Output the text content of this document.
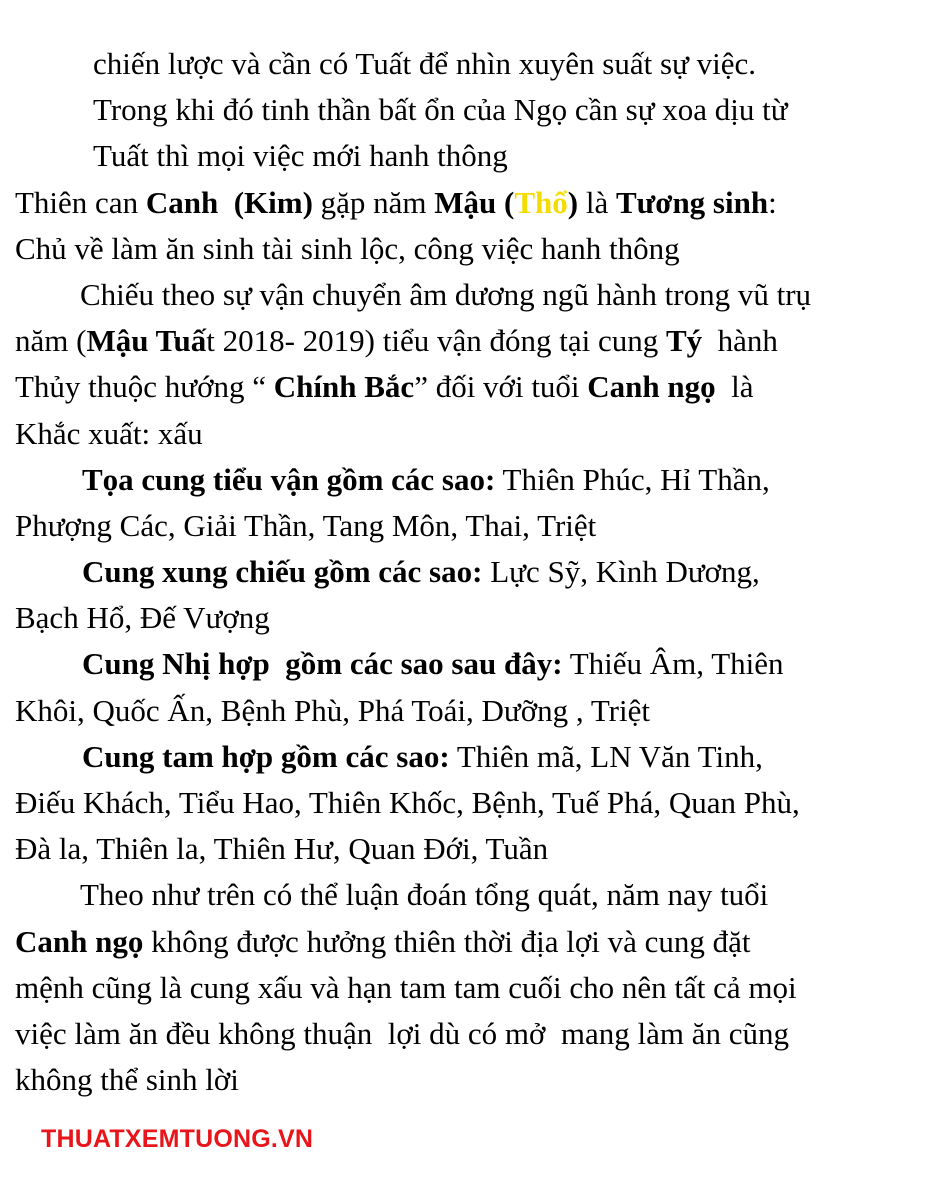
chiến lược và cần có Tuất để nhìn xuyên suất sự việc.
Trong khi đó tinh thần bất ổn của Ngọ cần sự xoa dịu từ
Tuất thì mọi việc mới hanh thông
Thiên can Canh (Kim) gặp năm Mậu (Thổ) là Tương sinh:
Chủ về làm ăn sinh tài sinh lộc, công việc hanh thông
Chiếu theo sự vận chuyển âm dương ngũ hành trong vũ trụ
năm (Mậu Tuất 2018- 2019) tiểu vận đóng tại cung Tý  hành
Thủy thuộc hướng “ Chính Bắc” đối với tuổi Canh ngọ  là
Khắc xuất: xấu
Tọa cung tiểu vận gồm các sao: Thiên Phúc, Hỉ Thần,
Phượng Các, Giải Thần, Tang Môn, Thai, Triệt
Cung xung chiếu gồm các sao: Lực Sỹ, Kình Dương,
Bạch Hổ, Đế Vượng
Cung Nhị hợp  gồm các sao sau đây: Thiếu Âm, Thiên
Khôi, Quốc Ấn, Bệnh Phù, Phá Toái, Dưỡng , Triệt
Cung tam hợp gồm các sao: Thiên mã, LN Văn Tinh,
Điếu Khách, Tiểu Hao, Thiên Khốc, Bệnh, Tuế Phá, Quan Phù,
Đà la, Thiên la, Thiên Hư, Quan Đới, Tuần
Theo như trên có thể luận đoán tổng quát, năm nay tuổi
Canh ngọ không được hưởng thiên thời địa lợi và cung đặt
mệnh cũng là cung xấu và hạn tam tam cuối cho nên tất cả mọi
việc làm ăn đều không thuận  lợi dù có mở  mang làm ăn cũng
không thể sinh lời
THUATXEMTUONG.VN
